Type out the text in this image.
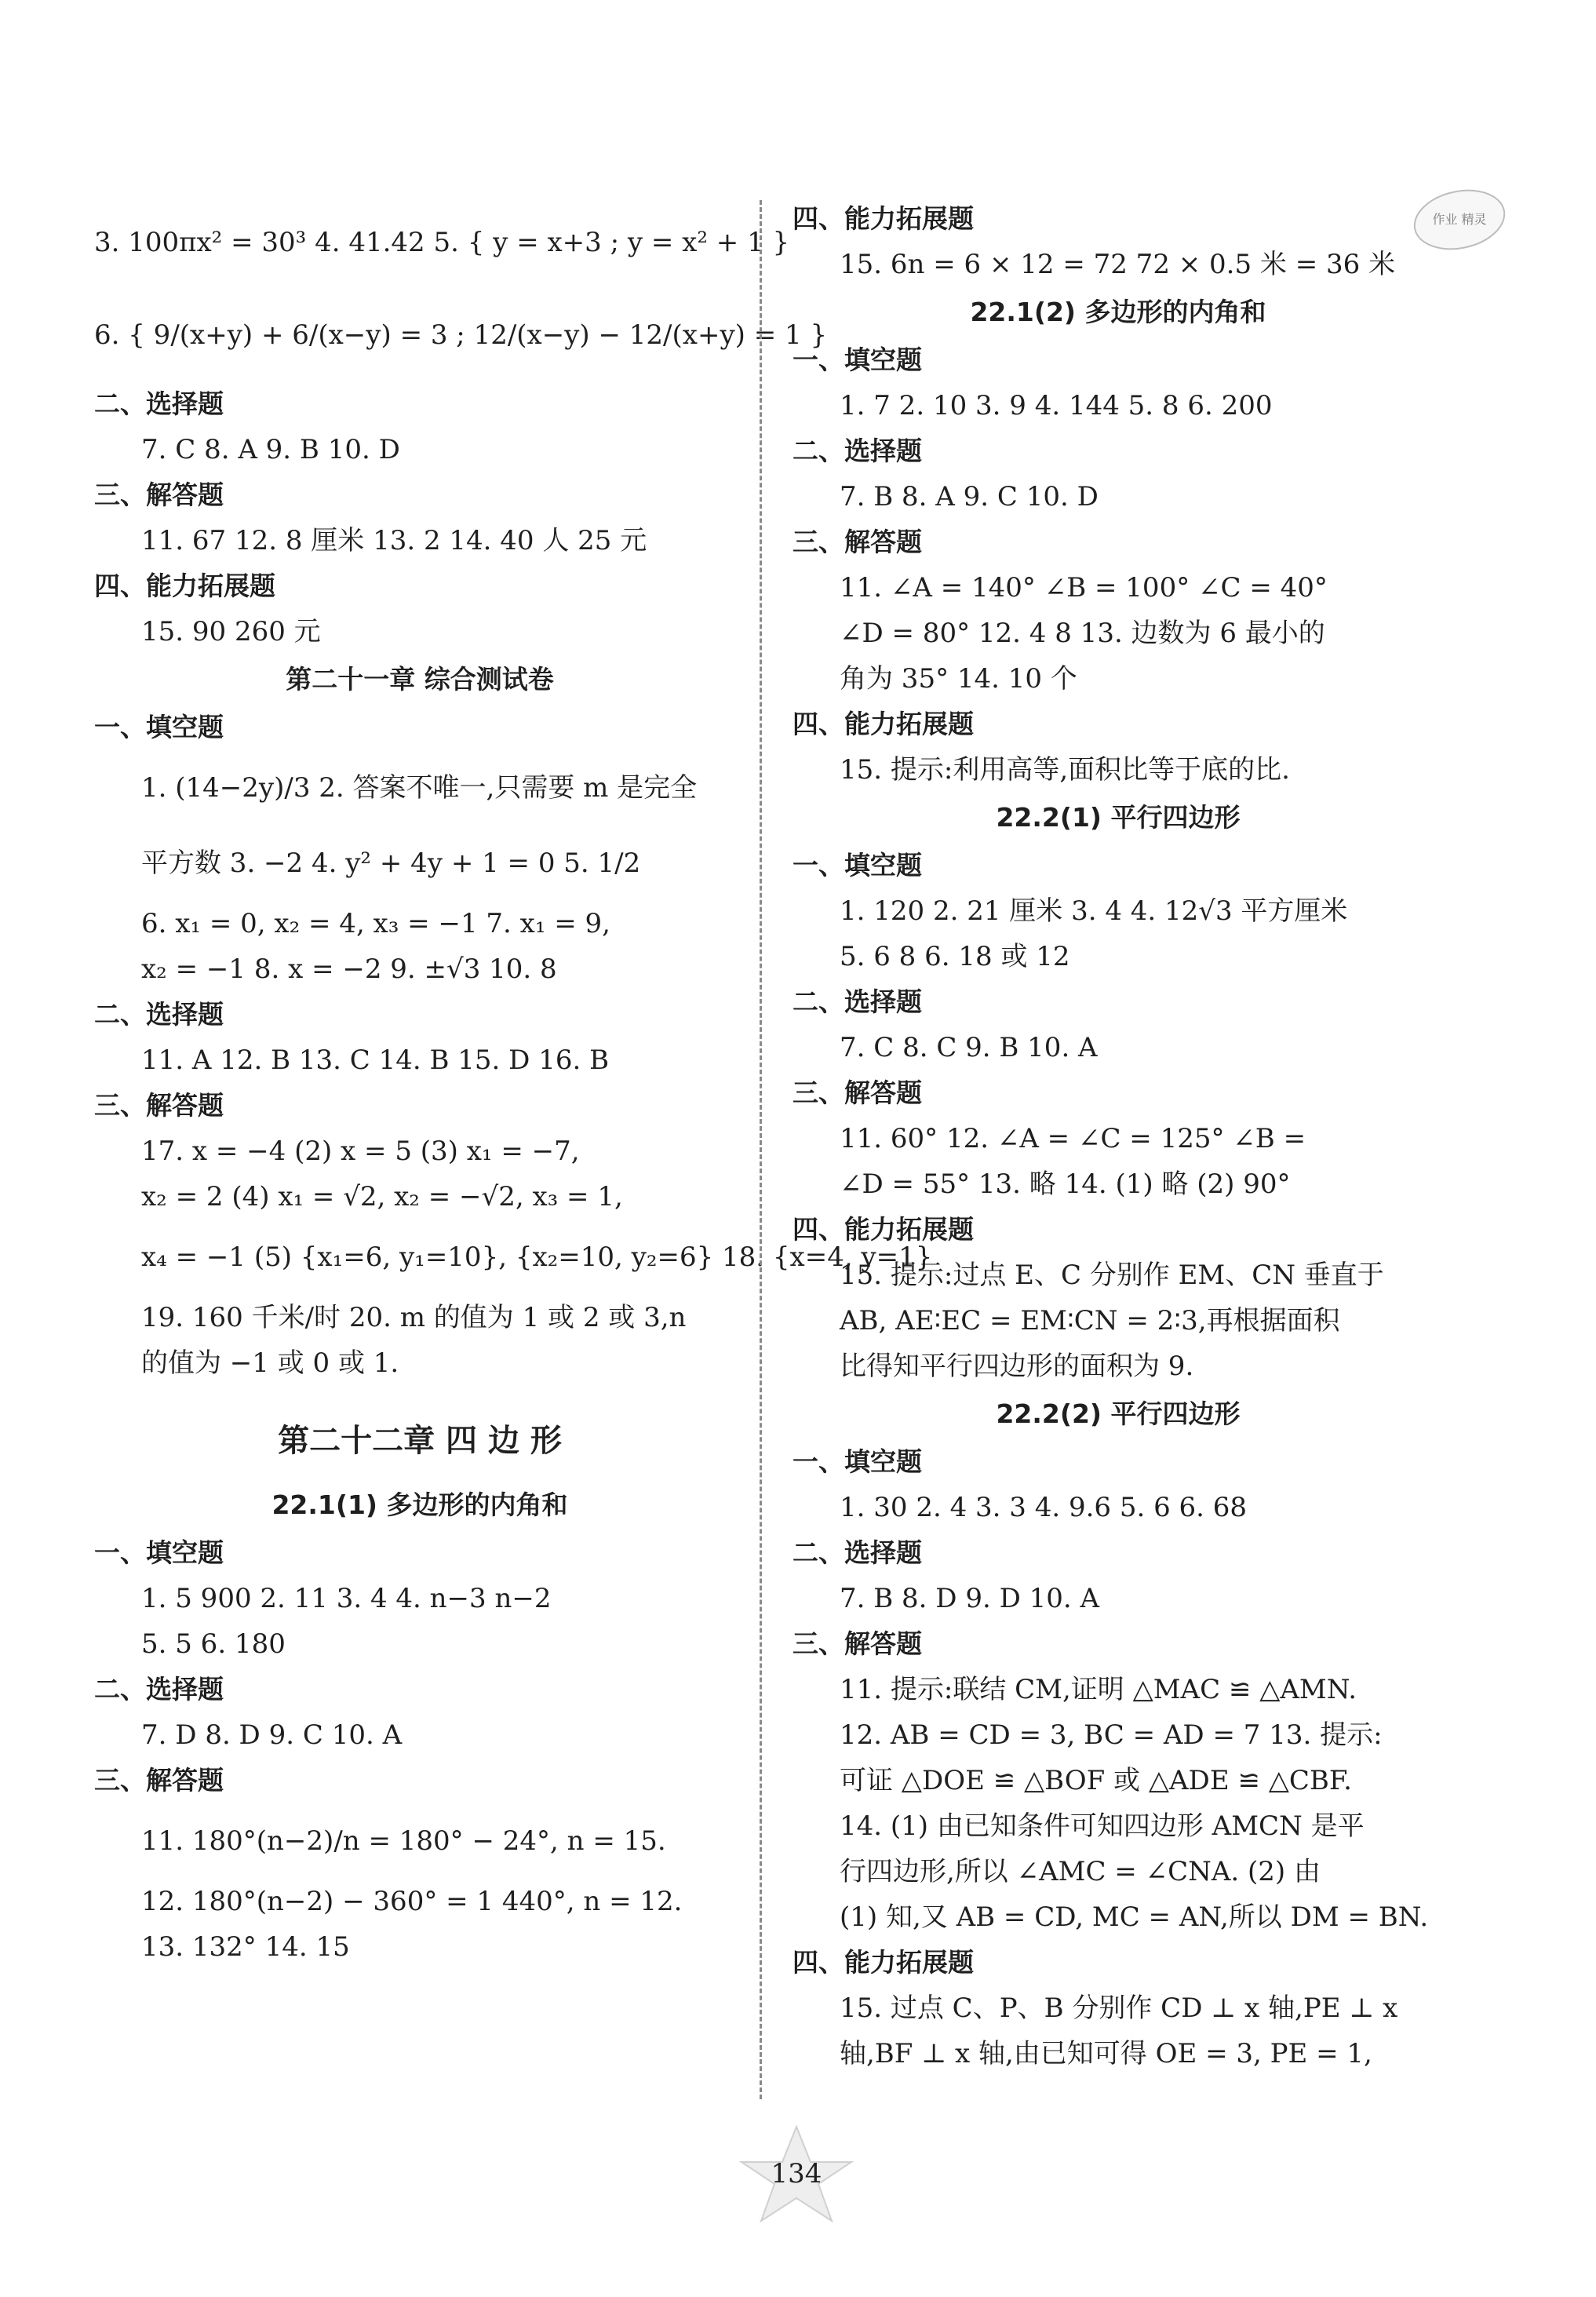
3. 100πx² = 30³ 4. 41.42 5. { y = x+3 ; y = x² + 1 }
6. { 9/(x+y) + 6/(x−y) = 3 ; 12/(x−y) − 12/(x+y) = 1 }
二、选择题
7. C 8. A 9. B 10. D
三、解答题
11. 67 12. 8 厘米 13. 2 14. 40 人 25 元
四、能力拓展题
15. 90 260 元
第二十一章 综合测试卷
一、填空题
1. (14−2y)/3 2. 答案不唯一,只需要 m 是完全
平方数 3. −2 4. y² + 4y + 1 = 0 5. 1/2
6. x₁ = 0, x₂ = 4, x₃ = −1 7. x₁ = 9,
x₂ = −1 8. x = −2 9. ±√3 10. 8
二、选择题
11. A 12. B 13. C 14. B 15. D 16. B
三、解答题
17. x = −4 (2) x = 5 (3) x₁ = −7,
x₂ = 2 (4) x₁ = √2, x₂ = −√2, x₃ = 1,
x₄ = −1 (5) {x₁=6, y₁=10}, {x₂=10, y₂=6} 18. {x=4, y=1}
19. 160 千米/时 20. m 的值为 1 或 2 或 3,n
的值为 −1 或 0 或 1.
第二十二章 四 边 形
22.1(1) 多边形的内角和
一、填空题
1. 5 900 2. 11 3. 4 4. n−3 n−2
5. 5 6. 180
二、选择题
7. D 8. D 9. C 10. A
三、解答题
11. 180°(n−2)/n = 180° − 24°, n = 15.
12. 180°(n−2) − 360° = 1 440°, n = 12.
13. 132° 14. 15
四、能力拓展题
15. 6n = 6 × 12 = 72 72 × 0.5 米 = 36 米
22.1(2) 多边形的内角和
一、填空题
1. 7 2. 10 3. 9 4. 144 5. 8 6. 200
二、选择题
7. B 8. A 9. C 10. D
三、解答题
11. ∠A = 140° ∠B = 100° ∠C = 40°
∠D = 80° 12. 4 8 13. 边数为 6 最小的
角为 35° 14. 10 个
四、能力拓展题
15. 提示:利用高等,面积比等于底的比.
22.2(1) 平行四边形
一、填空题
1. 120 2. 21 厘米 3. 4 4. 12√3 平方厘米
5. 6 8 6. 18 或 12
二、选择题
7. C 8. C 9. B 10. A
三、解答题
11. 60° 12. ∠A = ∠C = 125° ∠B =
∠D = 55° 13. 略 14. (1) 略 (2) 90°
四、能力拓展题
15. 提示:过点 E、C 分别作 EM、CN 垂直于
AB, AE∶EC = EM∶CN = 2∶3,再根据面积
比得知平行四边形的面积为 9.
22.2(2) 平行四边形
一、填空题
1. 30 2. 4 3. 3 4. 9.6 5. 6 6. 68
二、选择题
7. B 8. D 9. D 10. A
三、解答题
11. 提示:联结 CM,证明 △MAC ≌ △AMN.
12. AB = CD = 3, BC = AD = 7 13. 提示:
可证 △DOE ≌ △BOF 或 △ADE ≌ △CBF.
14. (1) 由已知条件可知四边形 AMCN 是平
行四边形,所以 ∠AMC = ∠CNA. (2) 由
(1) 知,又 AB = CD, MC = AN,所以 DM = BN.
四、能力拓展题
15. 过点 C、P、B 分别作 CD ⊥ x 轴,PE ⊥ x
轴,BF ⊥ x 轴,由已知可得 OE = 3, PE = 1,
134
作业 精灵
